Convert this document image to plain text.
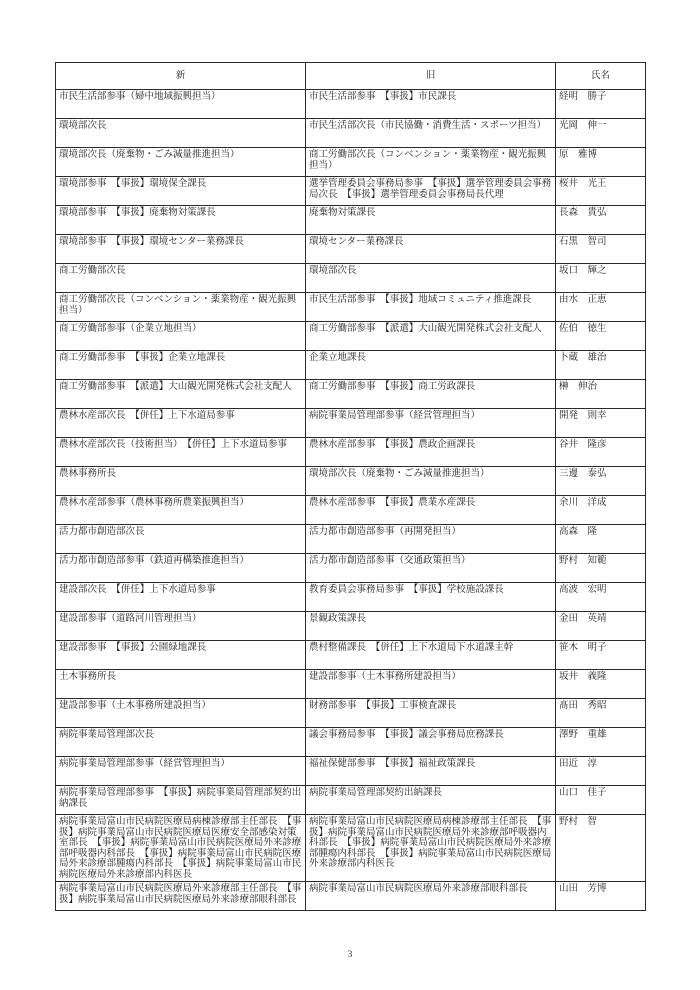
新	旧	氏名
市民生活部参事（婦中地域振興担当）	市民生活部参事　【事扱】市民課長	経明　勝子
環境部次長	市民生活部次長（市民協働・消費生活・スポーツ担当）	光岡　伸一
環境部次長（廃棄物・ごみ減量推進担当）	商工労働部次長（コンベンション・薬業物産・観光振興担当）	原　雅博
環境部参事　【事扱】環境保全課長	選挙管理委員会事務局参事　【事扱】選挙管理委員会事務局次長　【事扱】選挙管理委員会事務局長代理	桜井　光王
環境部参事　【事扱】廃棄物対策課長	廃棄物対策課長	長森　貴弘
環境部参事　【事扱】環境センター業務課長	環境センター業務課長	石黒　智司
商工労働部次長	環境部次長	坂口　輝之
商工労働部次長（コンベンション・薬業物産・観光振興担当）	市民生活部参事　【事扱】地域コミュニティ推進課長	由水　正恵
商工労働部参事（企業立地担当）	商工労働部参事　【派遣】大山観光開発株式会社支配人	佐伯　徳生
商工労働部参事　【事扱】企業立地課長	企業立地課長	卜蔵　雄治
商工労働部参事　【派遣】大山観光開発株式会社支配人	商工労働部参事　【事扱】商工労政課長	榊　伸治
農林水産部次長　【併任】上下水道局参事	病院事業局管理部参事（経営管理担当）	開発　則幸
農林水産部次長（技術担当）　【併任】上下水道局参事	農林水産部参事　【事扱】農政企画課長	谷井　隆彦
農林事務所長	環境部次長（廃棄物・ごみ減量推進担当）	三邊　泰弘
農林水産部参事（農林事務所農業振興担当）	農林水産部参事　【事扱】農業水産課長	余川　洋成
活力都市創造部次長	活力都市創造部参事（再開発担当）	高森　隆
活力都市創造部参事（鉄道再構築推進担当）	活力都市創造部参事（交通政策担当）	野村　知範
建設部次長　【併任】上下水道局参事	教育委員会事務局参事　【事扱】学校施設課長	高波　宏明
建設部参事（道路河川管理担当）	景観政策課長	金田　英靖
建設部参事　【事扱】公園緑地課長	農村整備課長　【併任】上下水道局下水道課主幹	笹木　明子
土木事務所長	建設部参事（土木事務所建設担当）	坂井　義隆
建設部参事（土木事務所建設担当）	財務部参事　【事扱】工事検査課長	髙田　秀昭
病院事業局管理部次長	議会事務局参事　【事扱】議会事務局庶務課長	澤野　重雄
病院事業局管理部参事（経営管理担当）	福祉保健部参事　【事扱】福祉政策課長	田近　淳
病院事業局管理部参事　【事扱】病院事業局管理部契約出納課長	病院事業局管理部契約出納課長	山口　佳子
病院事業局富山市民病院医療局病棟診療部主任部長　【事扱】病院事業局富山市民病院医療局医療安全部感染対策室部長　【事扱】病院事業局富山市民病院医療局外来診療部呼吸器内科部長　【事扱】病院事業局富山市民病院医療局外来診療部腫瘍内科部長　【事扱】病院事業局富山市民病院医療局外来診療部内科医長	病院事業局富山市民病院医療局病棟診療部主任部長　【事扱】病院事業局富山市民病院医療局外来診療部呼吸器内科部長　【事扱】病院事業局富山市民病院医療局外来診療部腫瘍内科部長　【事扱】病院事業局富山市民病院医療局外来診療部内科医長	野村　智
病院事業局富山市民病院医療局外来診療部主任部長　【事扱】病院事業局富山市民病院医療局外来診療部眼科部長	病院事業局富山市民病院医療局外来診療部眼科部長	山田　芳博
3
